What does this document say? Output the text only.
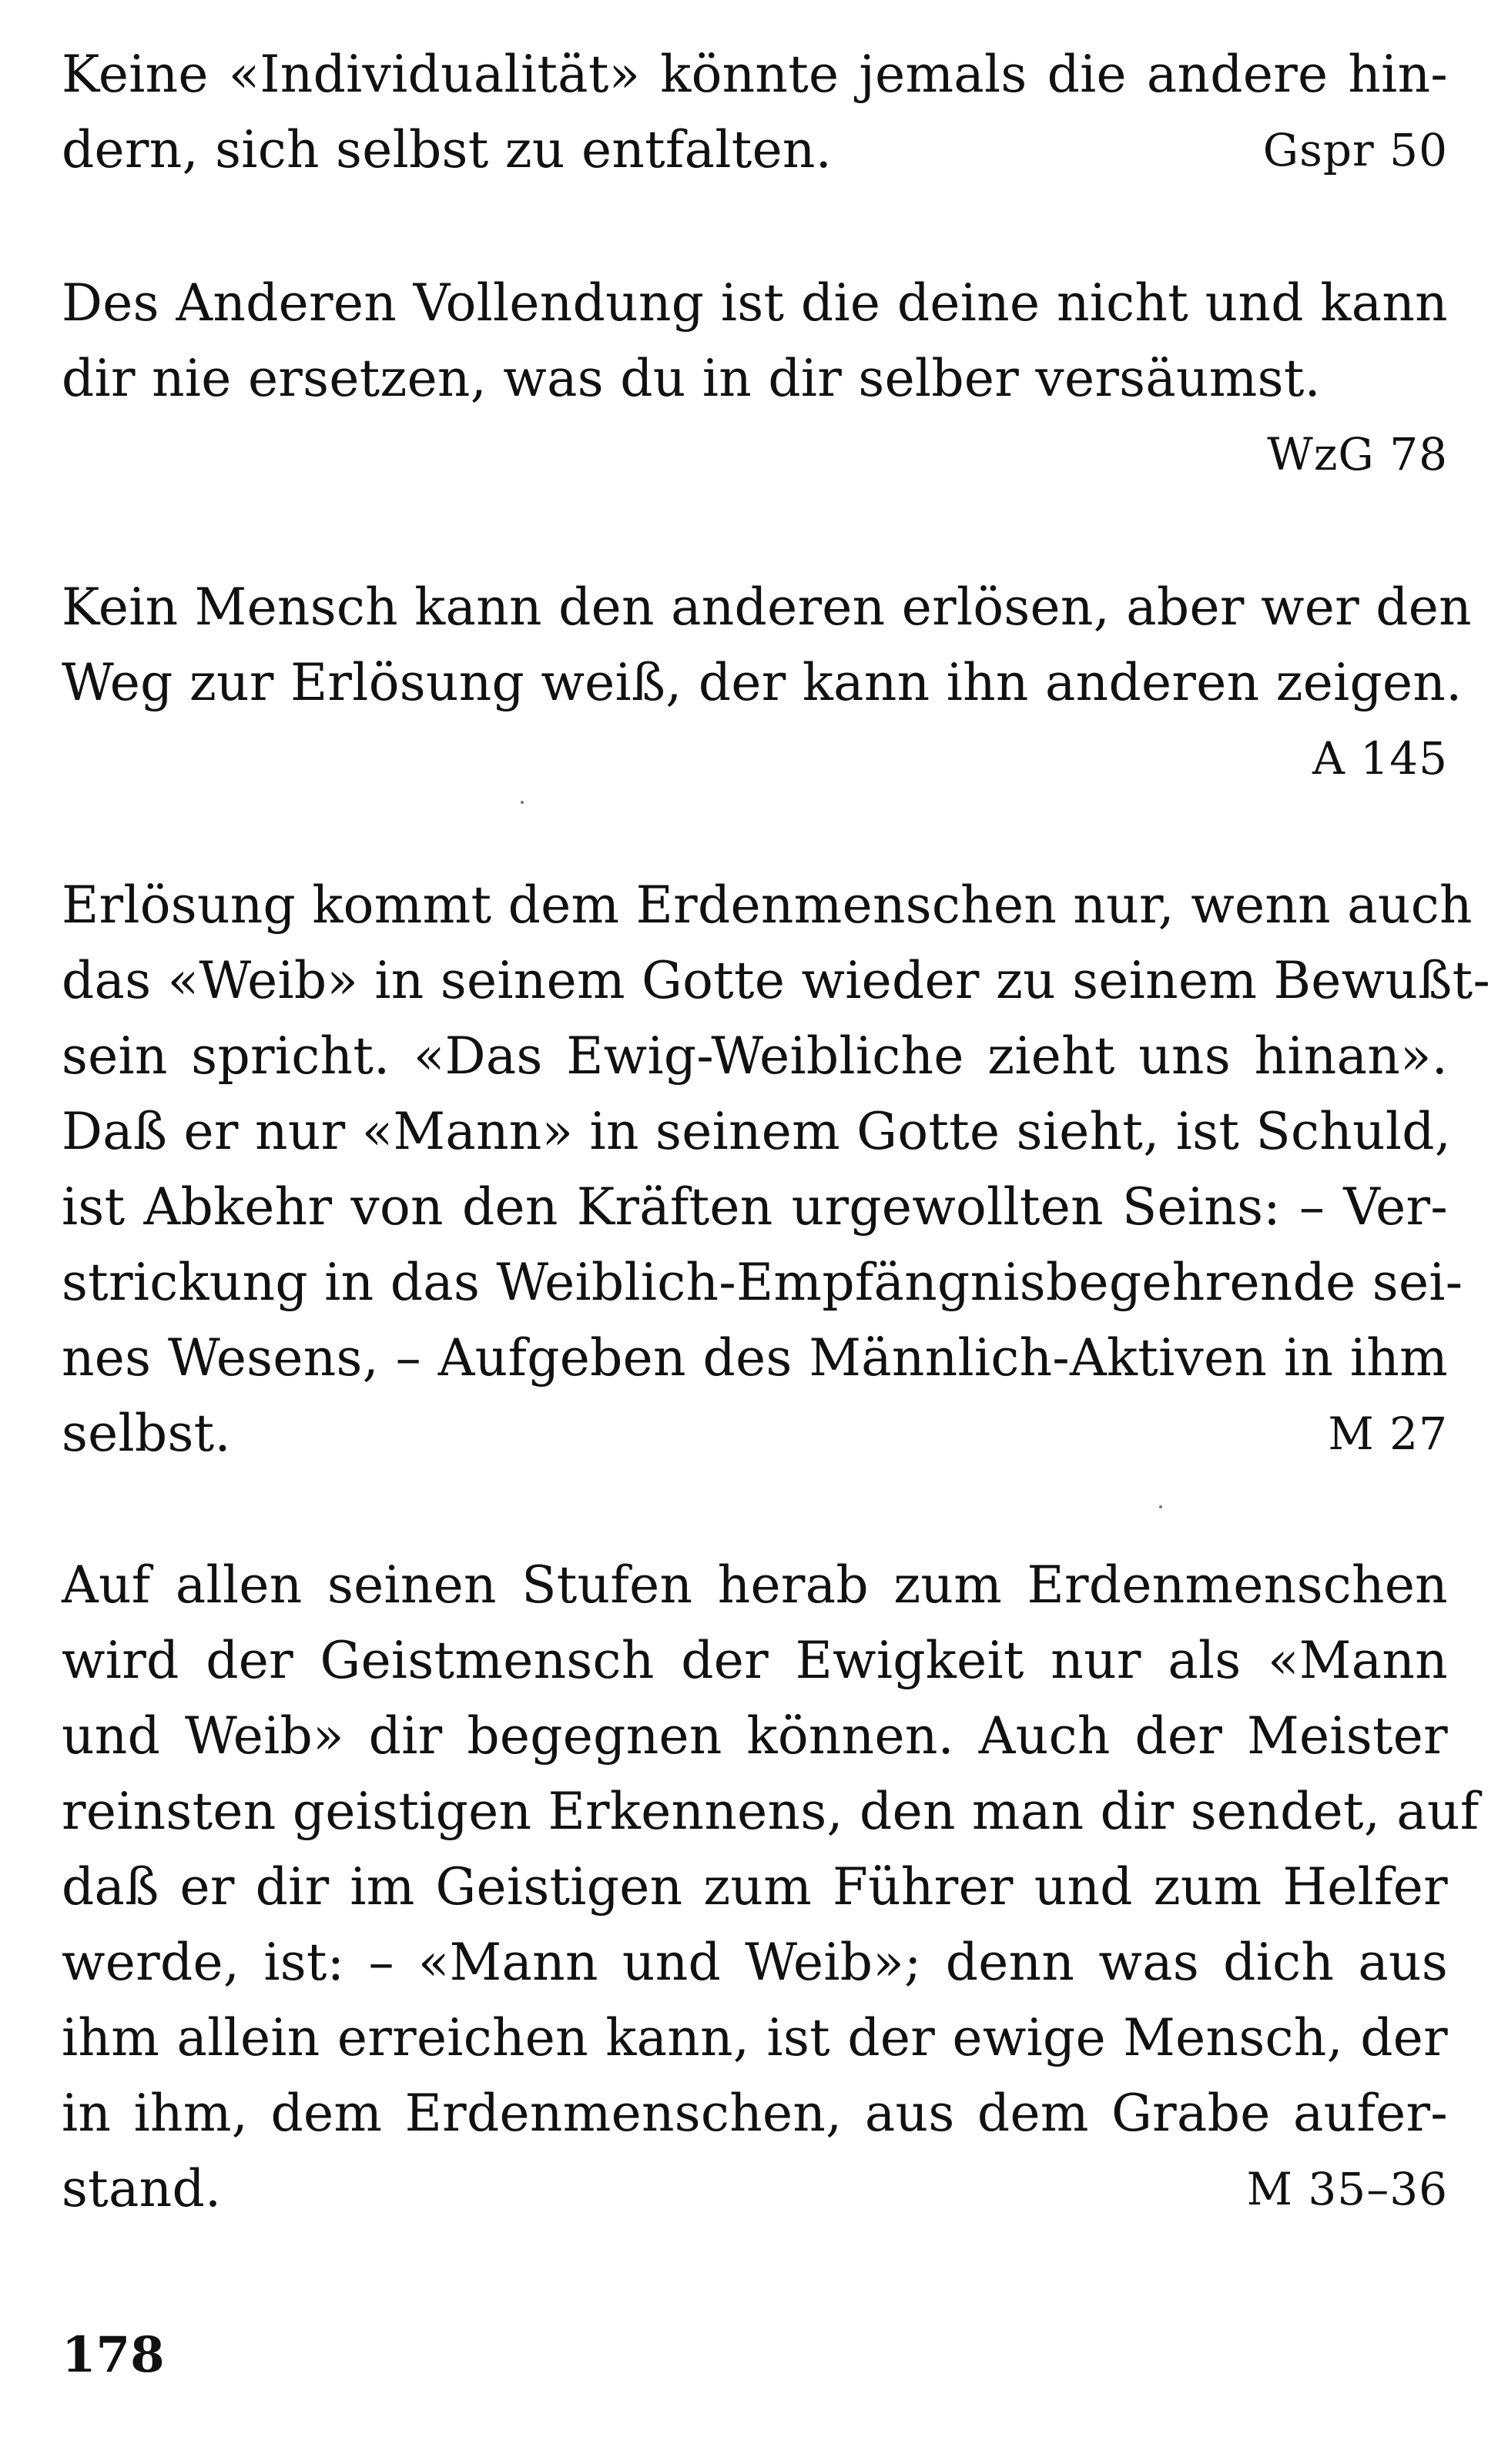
Keine «Individualität» könnte jemals die andere hin-
dern, sich selbst zu entfalten.	Gspr 50
Des Anderen Vollendung ist die deine nicht und kann
dir nie ersetzen, was du in dir selber versäumst.
WzG 78
Kein Mensch kann den anderen erlösen, aber wer den
Weg zur Erlösung weiß, der kann ihn anderen zeigen.
A 145
Erlösung kommt dem Erdenmenschen nur, wenn auch
das «Weib» in seinem Gotte wieder zu seinem Bewußt-
sein spricht. «Das Ewig-Weibliche zieht uns hinan».
Daß er nur «Mann» in seinem Gotte sieht, ist Schuld,
ist Abkehr von den Kräften urgewollten Seins: – Ver-
strickung in das Weiblich-Empfängnisbegehrende sei-
nes Wesens, – Aufgeben des Männlich-Aktiven in ihm
selbst.	M 27
Auf allen seinen Stufen herab zum Erdenmenschen
wird der Geistmensch der Ewigkeit nur als «Mann
und Weib» dir begegnen können. Auch der Meister
reinsten geistigen Erkennens, den man dir sendet, auf
daß er dir im Geistigen zum Führer und zum Helfer
werde, ist: – «Mann und Weib»; denn was dich aus
ihm allein erreichen kann, ist der ewige Mensch, der
in ihm, dem Erdenmenschen, aus dem Grabe aufer-
stand.	M 35–36
178
